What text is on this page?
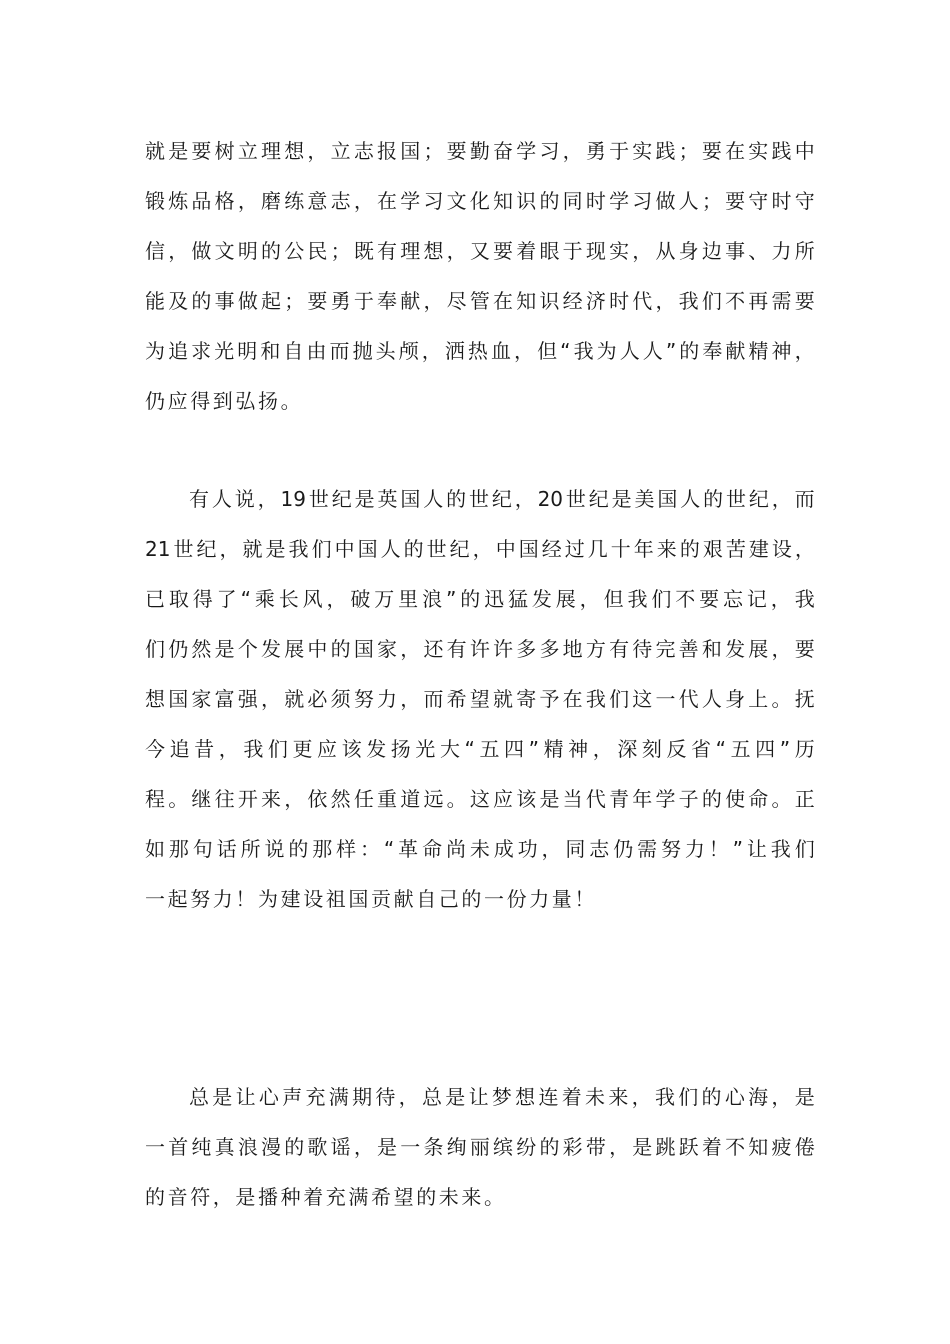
就 是 要 树 立 理 想 ， 立 志 报 国 ； 要 勤 奋 学 习 ， 勇 于 实 践 ； 要 在 实 践 中

锻 炼 品 格 ， 磨 练 意 志 ， 在 学 习 文 化 知 识 的 同 时 学 习 做 人 ； 要 守 时 守

信 ， 做 文 明 的 公 民 ； 既 有 理 想 ， 又 要 着 眼 于 现 实 ， 从 身 边 事 、 力 所

能 及 的 事 做 起 ； 要 勇 于 奉 献 ， 尽 管 在 知 识 经 济 时 代 ， 我 们 不 再 需 要

为 追 求 光 明 和 自 由 而 抛 头 颅 ， 洒 热 血 ， 但 “ 我 为 人 人 ” 的 奉 献 精 神 ，

仍应得到弘扬。

有 人 说 ， 19 世 纪 是 英 国 人 的 世 纪 ， 20 世 纪 是 美 国 人 的 世 纪 ， 而

21 世 纪 ， 就 是 我 们 中 国 人 的 世 纪 ， 中 国 经 过 几 十 年 来 的 艰 苦 建 设 ，

已 取 得 了 “ 乘 长 风 ， 破 万 里 浪 ” 的 迅 猛 发 展 ， 但 我 们 不 要 忘 记 ， 我

们 仍 然 是 个 发 展 中 的 国 家 ， 还 有 许 许 多 多 地 方 有 待 完 善 和 发 展 ， 要

想 国 家 富 强 ， 就 必 须 努 力 ， 而 希 望 就 寄 予 在 我 们 这 一 代 人 身 上 。 抚

今 追 昔 ， 我 们 更 应 该 发 扬 光 大 “ 五 四 ” 精 神 ， 深 刻 反 省 “ 五 四 ” 历

程 。 继 往 开 来 ， 依 然 任 重 道 远 。 这 应 该 是 当 代 青 年 学 子 的 使 命 。 正

如 那 句 话 所 说 的 那 样 ： “ 革 命 尚 未 成 功 ， 同 志 仍 需 努 力 ！ ” 让 我 们

一起努力！为建设祖国贡献自己的一份力量！

总 是 让 心 声 充 满 期 待 ， 总 是 让 梦 想 连 着 未 来 ， 我 们 的 心 海 ， 是

一 首 纯 真 浪 漫 的 歌 谣 ， 是 一 条 绚 丽 缤 纷 的 彩 带 ， 是 跳 跃 着 不 知 疲 倦

的音符，是播种着充满希望的未来。
